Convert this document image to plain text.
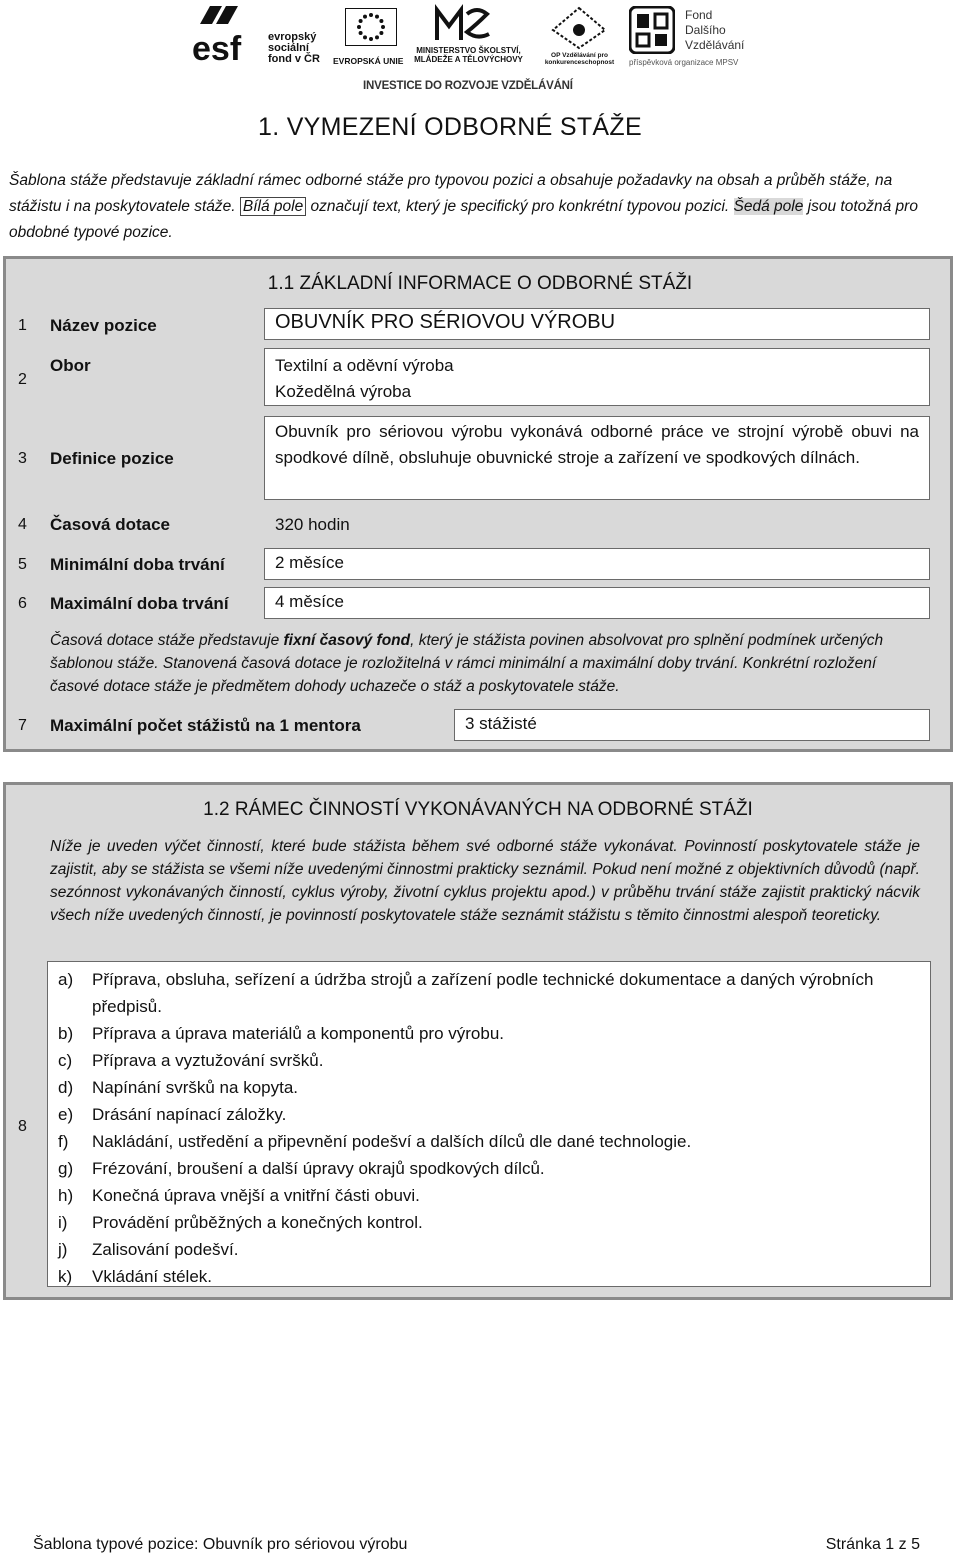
esf evropský sociální fond v ČR EVROPSKÁ UNIE
MINISTERSTVO ŠKOLSTVÍ, MLÁDEŽE A TĚLOVÝCHOVY	OP Vzdělávání pro konkurenceschopnost
Fond
Dalšího
Vzdělávání
příspěvková organizace MPSV
INVESTICE DO ROZVOJE VZDĚLÁVÁNÍ
1. VYMEZENÍ ODBORNÉ STÁŽE
Šablona stáže představuje základní rámec odborné stáže pro typovou pozici a obsahuje požadavky na obsah a průběh stáže, na stážistu i na poskytovatele stáže. Bílá pole označují text, který je specifický pro konkrétní typovou pozici. Šedá pole jsou totožná pro obdobné typové pozice.
1.1 ZÁKLADNÍ INFORMACE O ODBORNÉ STÁŽI
1 Název pozice	OBUVNÍK PRO SÉRIOVOU VÝROBU
2
Obor	Textilní a oděvní výroba
Kožedělná výroba
3 Definice pozice
Obuvník pro sériovou výrobu vykonává odborné práce ve strojní výrobě obuvi na spodkové dílně, obsluhuje obuvnické stroje a zařízení ve spodkových dílnách.
4 Časová dotace	320 hodin
5 Minimální doba trvání	2 měsíce
6 Maximální doba trvání	4 měsíce
Časová dotace stáže představuje fixní časový fond, který je stážista povinen absolvovat pro splnění podmínek určených šablonou stáže. Stanovená časová dotace je rozložitelná v rámci minimální a maximální doby trvání. Konkrétní rozložení časové dotace stáže je předmětem dohody uchazeče o stáž a poskytovatele stáže.
7 Maximální počet stážistů na 1 mentora	3 stážisté
1.2 RÁMEC ČINNOSTÍ VYKONÁVANÝCH NA ODBORNÉ STÁŽI
Níže je uveden výčet činností, které bude stážista během své odborné stáže vykonávat. Povinností poskytovatele stáže je zajistit, aby se stážista se všemi níže uvedenými činnostmi prakticky seznámil. Pokud není možné z objektivních důvodů (např. sezónnost vykonávaných činností, cyklus výroby, životní cyklus projektu apod.) v průběhu trvání stáže zajistit praktický nácvik všech níže uvedených činností, je povinností poskytovatele stáže seznámit stážistu s těmito činnostmi alespoň teoreticky.
8
a) Příprava, obsluha, seřízení a údržba strojů a zařízení podle technické dokumentace a daných výrobních předpisů.
b) Příprava a úprava materiálů a komponentů pro výrobu.
c) Příprava a vyztužování svršků.
d) Napínání svršků na kopyta.
e) Drásání napínací záložky.
f) Nakládání, ustředění a připevnění podešví a dalších dílců dle dané technologie.
g) Frézování, broušení a další úpravy okrajů spodkových dílců.
h) Konečná úprava vnější a vnitřní části obuvi.
i) Provádění průběžných a konečných kontrol.
j) Zalisování podešví.
k) Vkládání stélek.
Šablona typové pozice: Obuvník pro sériovou výrobu	Stránka 1 z 5
